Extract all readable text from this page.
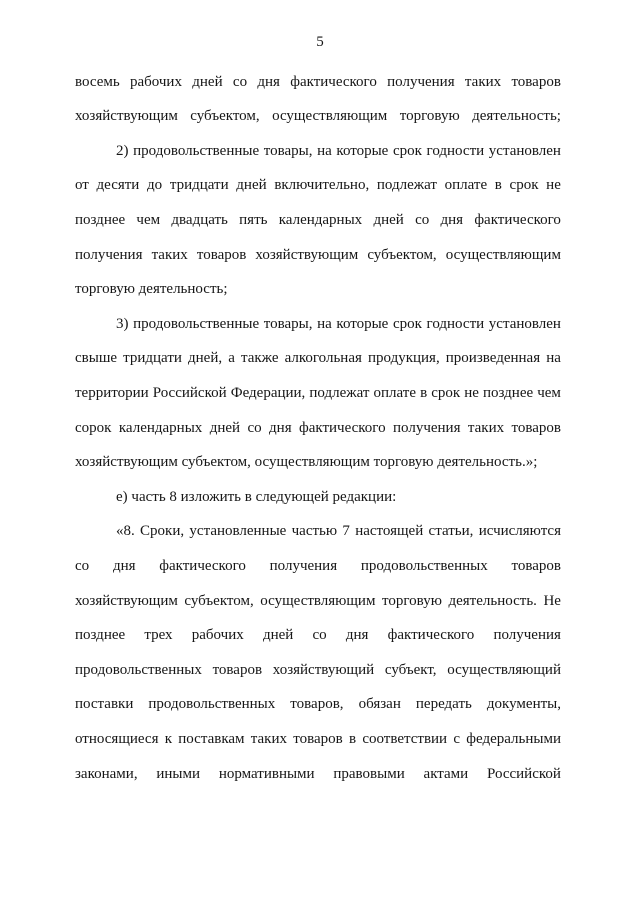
5
восемь рабочих дней со дня фактического получения таких товаров
хозяйствующим субъектом, осуществляющим торговую деятельность;
2) продовольственные товары, на которые срок годности установлен
от десяти до тридцати дней включительно, подлежат оплате в срок не
позднее чем двадцать пять календарных дней со дня фактического
получения таких товаров хозяйствующим субъектом, осуществляющим
торговую деятельность;
3) продовольственные товары, на которые срок годности установлен
свыше тридцати дней, а также алкогольная продукция, произведенная на
территории Российской Федерации, подлежат оплате в срок не позднее чем
сорок календарных дней со дня фактического получения таких товаров
хозяйствующим субъектом, осуществляющим торговую деятельность.»;
е) часть 8 изложить в следующей редакции:
«8. Сроки, установленные частью 7 настоящей статьи, исчисляются
со дня фактического получения продовольственных товаров
хозяйствующим субъектом, осуществляющим торговую деятельность. Не
позднее трех рабочих дней со дня фактического получения
продовольственных товаров хозяйствующий субъект, осуществляющий
поставки продовольственных товаров, обязан передать документы,
относящиеся к поставкам таких товаров в соответствии с федеральными
законами, иными нормативными правовыми актами Российской
